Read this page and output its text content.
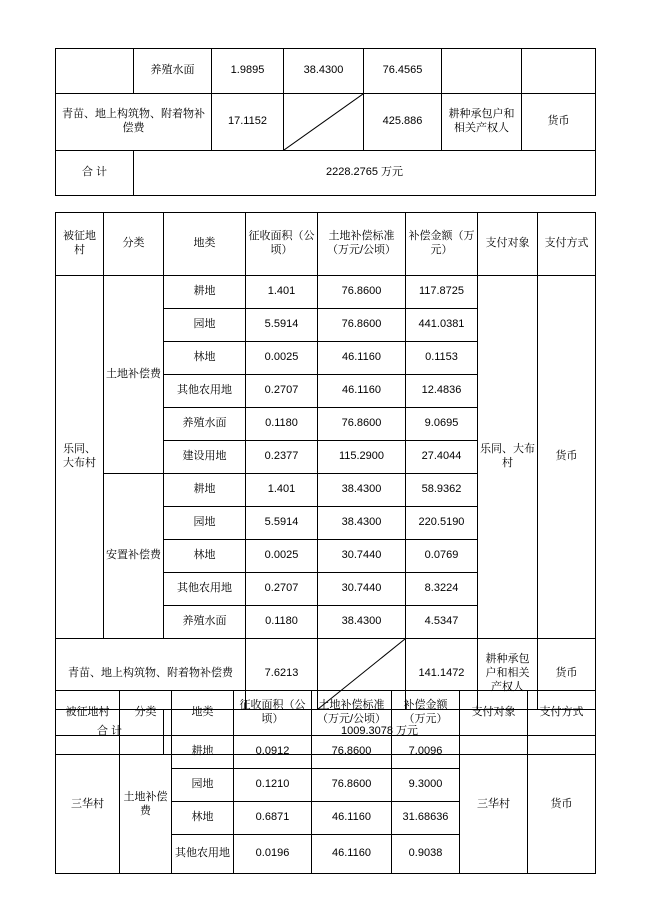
	养殖水面	1.9895	38.4300	76.4565		
青苗、地上构筑物、附着物补偿费		17.1152		425.886	耕种承包户和相关产权人	货币
合 计	2228.2765 万元					
被征地村	分类	地类	征收面积（公顷）	土地补偿标准（万元/公顷）	补偿金额（万元）	支付对象	支付方式
乐同、大布村	土地补偿费	耕地	1.401	76.8600	117.8725	乐同、大布村	货币
		园地	5.5914	76.8600	441.0381		
		林地	0.0025	46.1160	0.1153		
		其他农用地	0.2707	46.1160	12.4836		
		养殖水面	0.1180	76.8600	9.0695		
		建设用地	0.2377	115.2900	27.4044		
	安置补偿费	耕地	1.401	38.4300	58.9362		
		园地	5.5914	38.4300	220.5190		
		林地	0.0025	30.7440	0.0769		
		其他农用地	0.2707	30.7440	8.3224		
		养殖水面	0.1180	38.4300	4.5347		
青苗、地上构筑物、附着物补偿费			7.6213		141.1472	耕种承包户和相关产权人	货币
合 计		1009.3078 万元					
被征地村	分类	地类	征收面积（公顷）	土地补偿标准（万元/公顷）	补偿金额（万元）	支付对象	支付方式
三华村	土地补偿费	耕地	0.0912	76.8600	7.0096	三华村	货币
		园地	0.1210	76.8600	9.3000		
		林地	0.6871	46.1160	31.68636		
		其他农用地	0.0196	46.1160	0.9038		
